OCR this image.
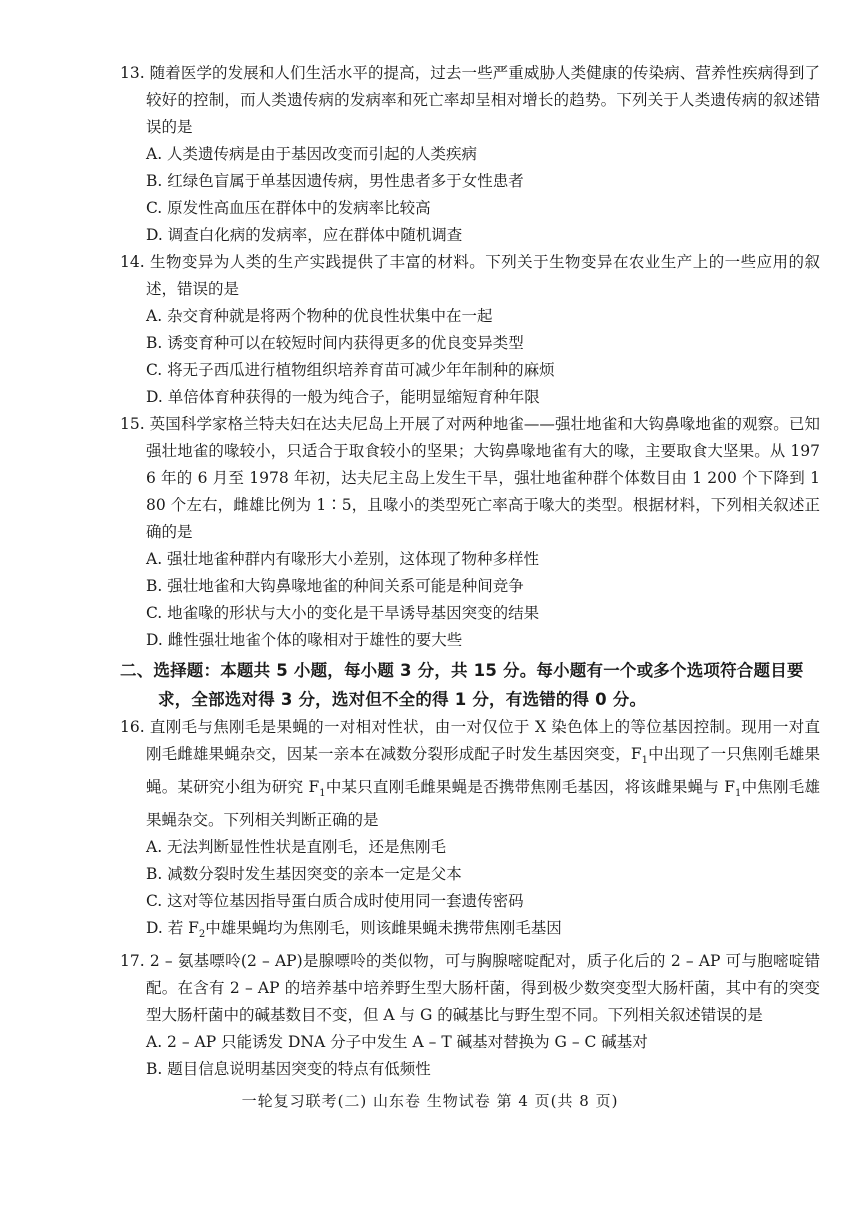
13. 随着医学的发展和人们生活水平的提高，过去一些严重威胁人类健康的传染病、营养性疾病得到了较好的控制，而人类遗传病的发病率和死亡率却呈相对增长的趋势。下列关于人类遗传病的叙述错误的是

A. 人类遗传病是由于基因改变而引起的人类疾病

B. 红绿色盲属于单基因遗传病，男性患者多于女性患者

C. 原发性高血压在群体中的发病率比较高

D. 调查白化病的发病率，应在群体中随机调查

14. 生物变异为人类的生产实践提供了丰富的材料。下列关于生物变异在农业生产上的一些应用的叙述，错误的是

A. 杂交育种就是将两个物种的优良性状集中在一起

B. 诱变育种可以在较短时间内获得更多的优良变异类型

C. 将无子西瓜进行植物组织培养育苗可减少年年制种的麻烦

D. 单倍体育种获得的一般为纯合子，能明显缩短育种年限

15. 英国科学家格兰特夫妇在达夫尼岛上开展了对两种地雀——强壮地雀和大钩鼻喙地雀的观察。已知强壮地雀的喙较小，只适合于取食较小的坚果；大钩鼻喙地雀有大的喙，主要取食大坚果。从 1976 年的 6 月至 1978 年初，达夫尼主岛上发生干旱，强壮地雀种群个体数目由 1 200 个下降到 180 个左右，雌雄比例为 1∶5，且喙小的类型死亡率高于喙大的类型。根据材料，下列相关叙述正确的是

A. 强壮地雀种群内有喙形大小差别，这体现了物种多样性

B. 强壮地雀和大钩鼻喙地雀的种间关系可能是种间竞争

C. 地雀喙的形状与大小的变化是干旱诱导基因突变的结果

D. 雌性强壮地雀个体的喙相对于雄性的要大些

二、选择题：本题共 5 小题，每小题 3 分，共 15 分。每小题有一个或多个选项符合题目要求，全部选对得 3 分，选对但不全的得 1 分，有选错的得 0 分。

16. 直刚毛与焦刚毛是果蝇的一对相对性状，由一对仅位于 X 染色体上的等位基因控制。现用一对直刚毛雌雄果蝇杂交，因某一亲本在减数分裂形成配子时发生基因突变，$F_1$中出现了一只焦刚毛雄果蝇。某研究小组为研究 $F_1$中某只直刚毛雌果蝇是否携带焦刚毛基因，将该雌果蝇与 $F_1$中焦刚毛雄果蝇杂交。下列相关判断正确的是

A. 无法判断显性性状是直刚毛，还是焦刚毛

B. 减数分裂时发生基因突变的亲本一定是父本

C. 这对等位基因指导蛋白质合成时使用同一套遗传密码

D. 若 $F_2$中雄果蝇均为焦刚毛，则该雌果蝇未携带焦刚毛基因

17. 2 – 氨基嘌呤(2 – AP)是腺嘌呤的类似物，可与胸腺嘧啶配对，质子化后的 2 – AP 可与胞嘧啶错配。在含有 2 – AP 的培养基中培养野生型大肠杆菌，得到极少数突变型大肠杆菌，其中有的突变型大肠杆菌中的碱基数目不变，但 A 与 G 的碱基比与野生型不同。下列相关叙述错误的是

A. 2 – AP 只能诱发 DNA 分子中发生 A – T 碱基对替换为 G – C 碱基对

B. 题目信息说明基因突变的特点有低频性

一轮复习联考(二) 山东卷 生物试卷 第 4 页(共 8 页)
